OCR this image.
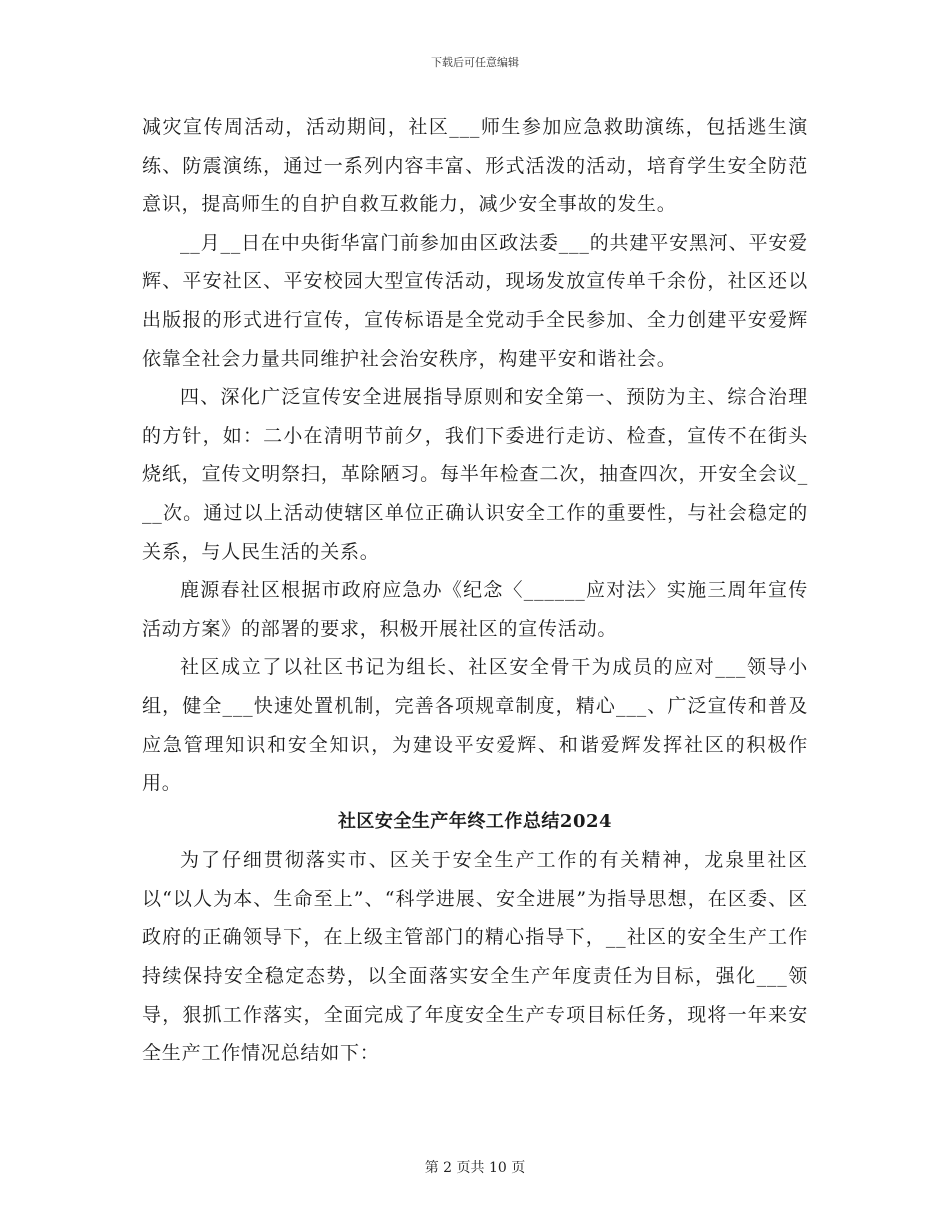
下载后可任意编辑

减灾宣传周活动，活动期间，社区___师生参加应急救助演练，包括逃生演练、防震演练，通过一系列内容丰富、形式活泼的活动，培育学生安全防范意识，提高师生的自护自救互救能力，减少安全事故的发生。

__月__日在中央街华富门前参加由区政法委___的共建平安黑河、平安爱辉、平安社区、平安校园大型宣传活动，现场发放宣传单千余份，社区还以出版报的形式进行宣传，宣传标语是全党动手全民参加、全力创建平安爱辉依靠全社会力量共同维护社会治安秩序，构建平安和谐社会。

四、深化广泛宣传安全进展指导原则和安全第一、预防为主、综合治理的方针，如：二小在清明节前夕，我们下委进行走访、检查，宣传不在街头烧纸，宣传文明祭扫，革除陋习。每半年检查二次，抽查四次，开安全会议___次。通过以上活动使辖区单位正确认识安全工作的重要性，与社会稳定的关系，与人民生活的关系。

鹿源春社区根据市政府应急办《纪念〈______应对法〉实施三周年宣传活动方案》的部署的要求，积极开展社区的宣传活动。

社区成立了以社区书记为组长、社区安全骨干为成员的应对___领导小组，健全___快速处置机制，完善各项规章制度，精心___、广泛宣传和普及应急管理知识和安全知识，为建设平安爱辉、和谐爱辉发挥社区的积极作用。

社区安全生产年终工作总结2024

为了仔细贯彻落实市、区关于安全生产工作的有关精神，龙泉里社区以“以人为本、生命至上”、“科学进展、安全进展”为指导思想，在区委、区政府的正确领导下，在上级主管部门的精心指导下，__社区的安全生产工作持续保持安全稳定态势，以全面落实安全生产年度责任为目标，强化___领导，狠抓工作落实，全面完成了年度安全生产专项目标任务，现将一年来安全生产工作情况总结如下：

第 2 页共 10 页
